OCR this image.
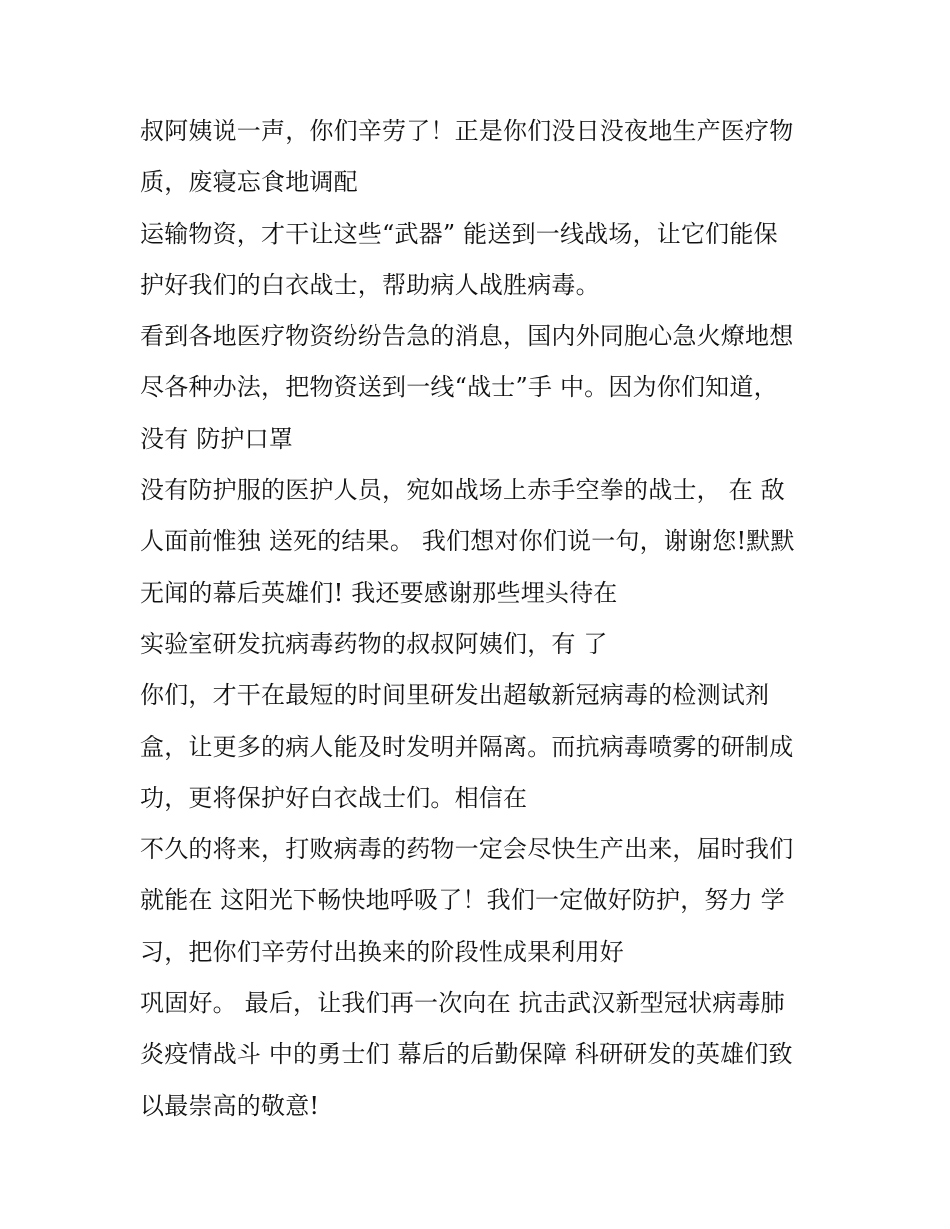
叔阿姨说一声，你们辛劳了！正是你们没日没夜地生产医疗物
质，废寝忘食地调配
运输物资，才干让这些“武器” 能送到一线战场，让它们能保
护好我们的白衣战士，帮助病人战胜病毒。
看到各地医疗物资纷纷告急的消息，国内外同胞心急火燎地想
尽各种办法，把物资送到一线“战士”手 中。因为你们知道，
没有 防护口罩
没有防护服的医护人员，宛如战场上赤手空拳的战士， 在 敌
人面前惟独 送死的结果。 我们想对你们说一句，谢谢您!默默
无闻的幕后英雄们! 我还要感谢那些埋头待在
实验室研发抗病毒药物的叔叔阿姨们，有 了
你们，才干在最短的时间里研发出超敏新冠病毒的检测试剂
盒，让更多的病人能及时发明并隔离。而抗病毒喷雾的研制成
功，更将保护好白衣战士们。相信在
不久的将来，打败病毒的药物一定会尽快生产出来，届时我们
就能在 这阳光下畅快地呼吸了！我们一定做好防护，努力 学
习，把你们辛劳付出换来的阶段性成果利用好
巩固好。 最后，让我们再一次向在 抗击武汉新型冠状病毒肺
炎疫情战斗 中的勇士们 幕后的后勤保障 科研研发的英雄们致
以最崇高的敬意!
